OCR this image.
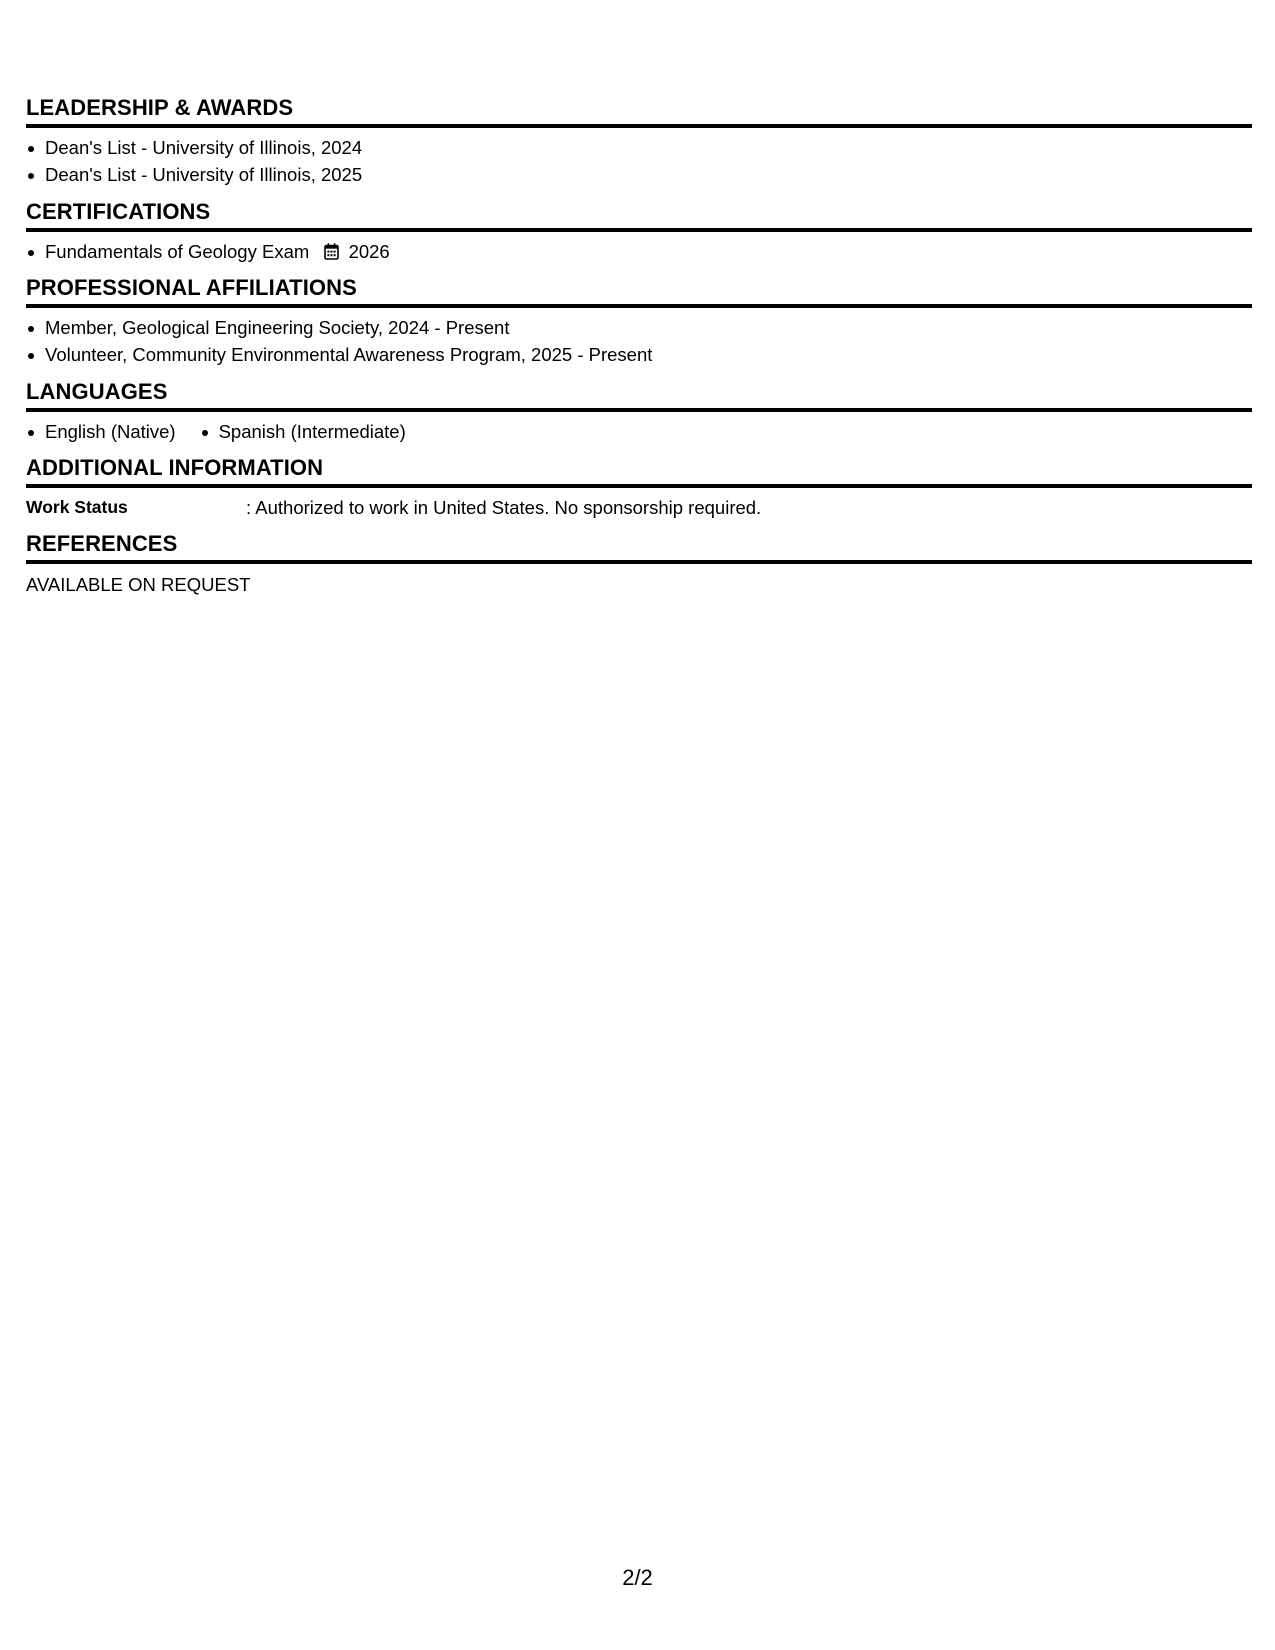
LEADERSHIP & AWARDS
Dean's List - University of Illinois, 2024
Dean's List - University of Illinois, 2025
CERTIFICATIONS
Fundamentals of Geology Exam 2026
PROFESSIONAL AFFILIATIONS
Member, Geological Engineering Society, 2024 - Present
Volunteer, Community Environmental Awareness Program, 2025 - Present
LANGUAGES
English (Native)	Spanish (Intermediate)
ADDITIONAL INFORMATION
Work Status	: Authorized to work in United States. No sponsorship required.
REFERENCES
AVAILABLE ON REQUEST
2/2
